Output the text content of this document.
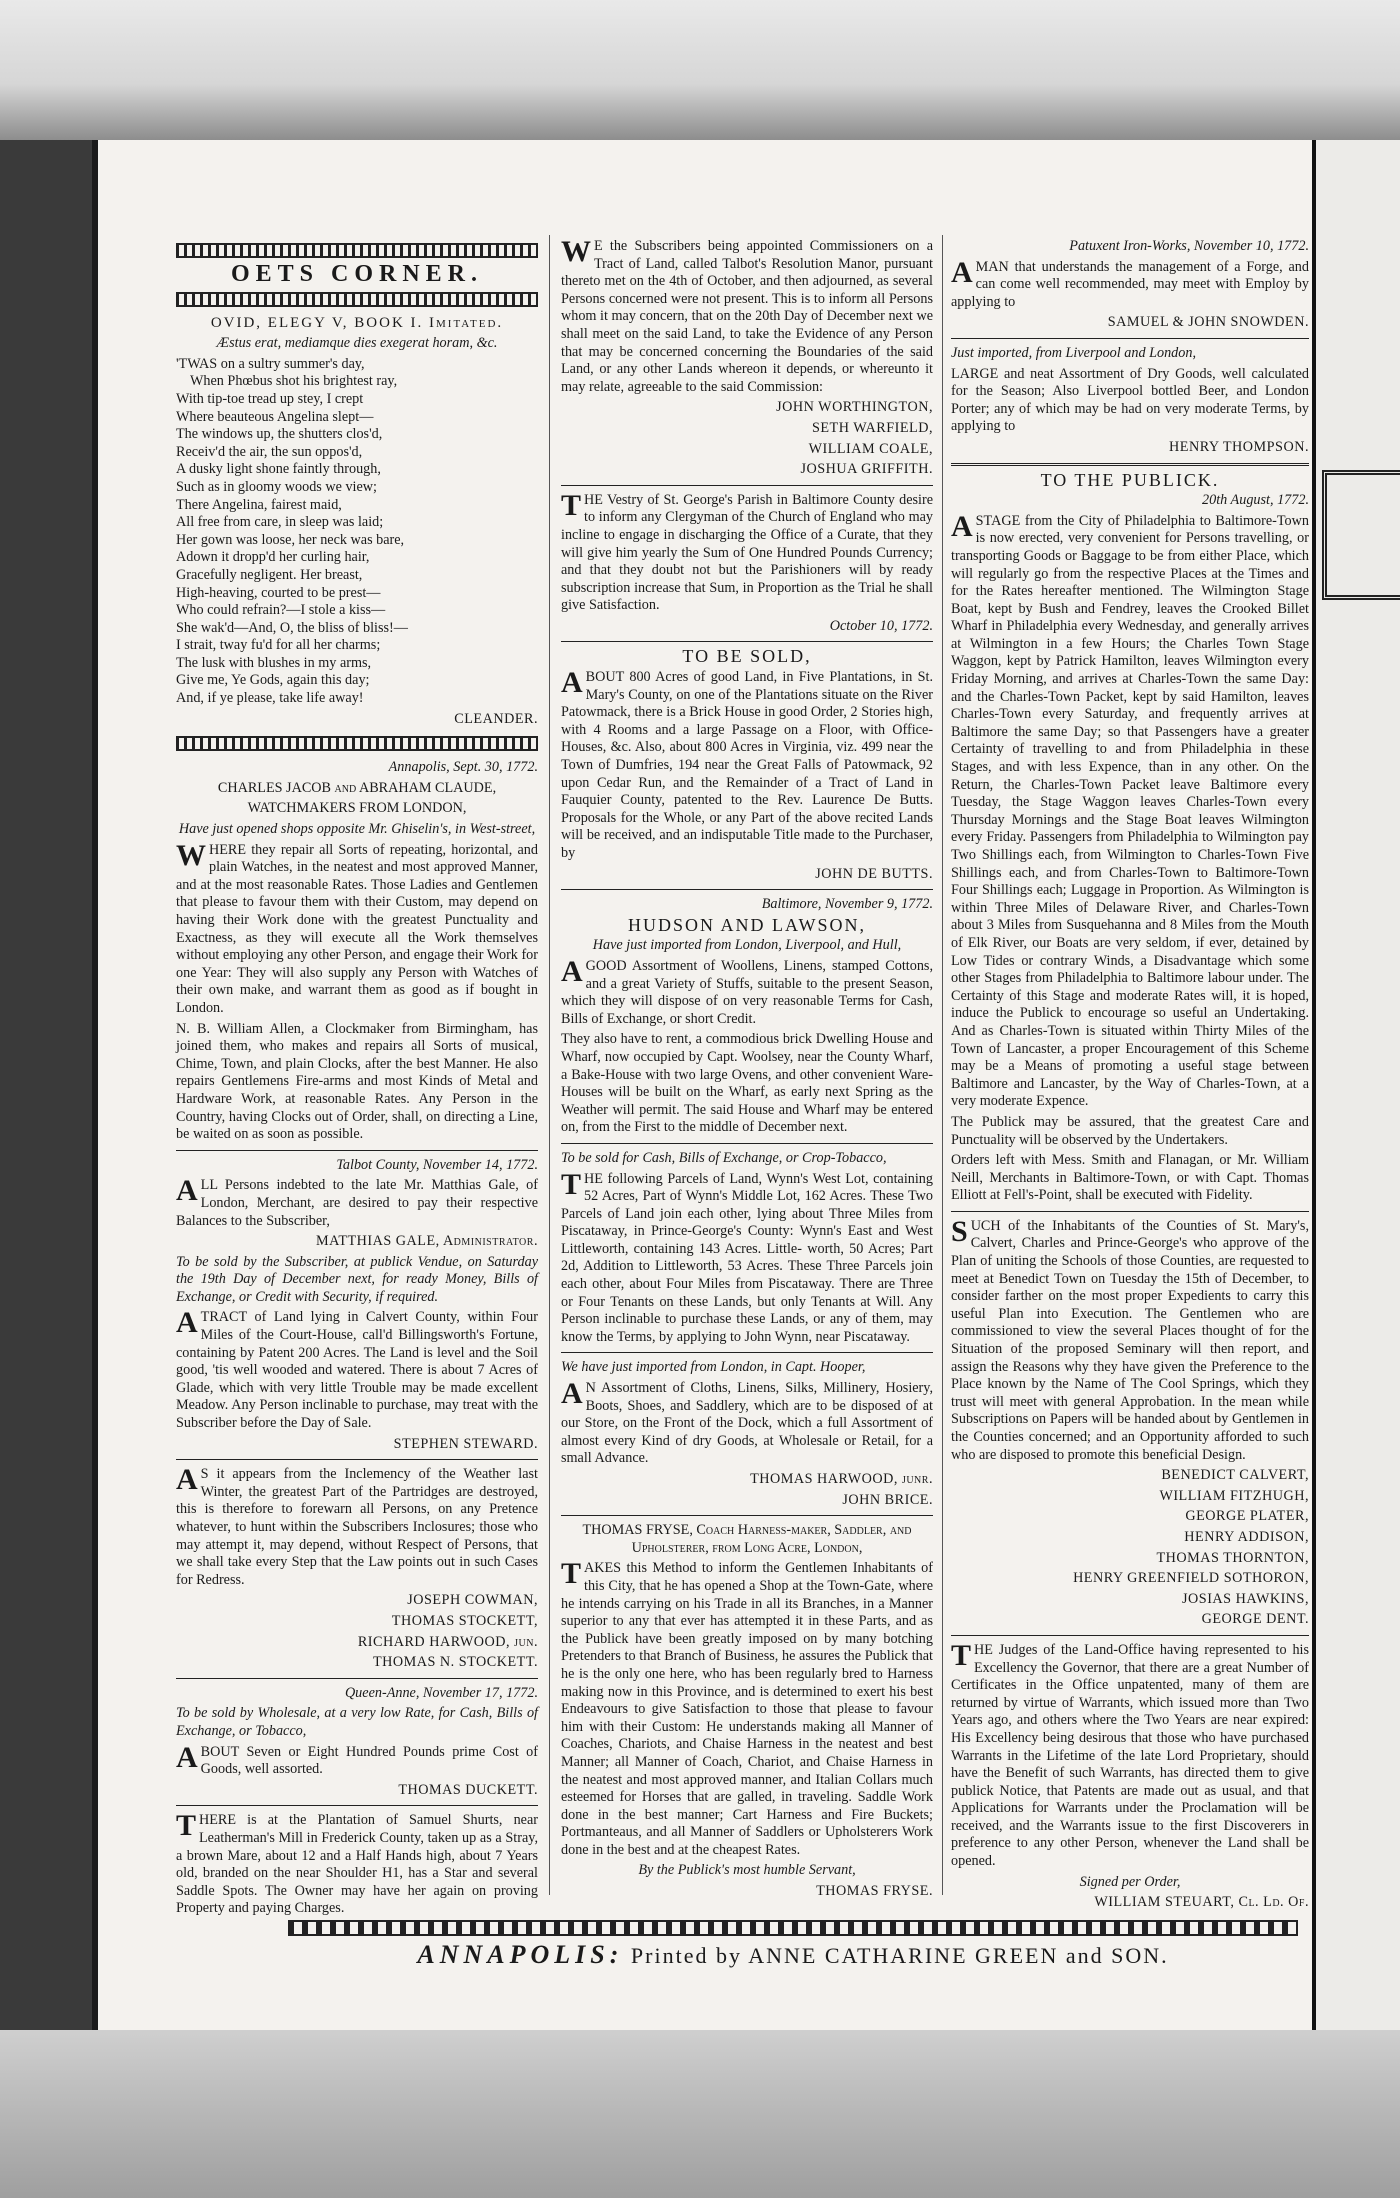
OETS CORNER.
OVID, ELEGY V, BOOK I. Imitated.

Æstus erat, mediamque dies exegerat horam, &c.

'TWAS on a sultry summer's day,

When Phœbus shot his brightest ray,

With tip-toe tread up stey, I crept

Where beauteous Angelina slept—

The windows up, the shutters clos'd,

Receiv'd the air, the sun oppos'd,

A dusky light shone faintly through,

Such as in gloomy woods we view;

There Angelina, fairest maid,

All free from care, in sleep was laid;

Her gown was loose, her neck was bare,

Adown it dropp'd her curling hair,

Gracefully negligent. Her breast,

High-heaving, courted to be prest—

Who could refrain?—I stole a kiss—

She wak'd—And, O, the bliss of bliss!—

I strait, tway fu'd for all her charms;

The lusk with blushes in my arms,

Give me, Ye Gods, again this day;

And, if ye please, take life away!

CLEANDER.

Annapolis, Sept. 30, 1772.

CHARLES JACOB and ABRAHAM CLAUDE,

WATCHMAKERS FROM LONDON,

Have just opened shops opposite Mr. Ghiselin's, in West-street,

WHERE they repair all Sorts of repeating, horizontal, and plain Watches, in the neatest and most approved Manner, and at the most reasonable Rates. Those Ladies and Gentlemen that please to favour them with their Custom, may depend on having their Work done with the greatest Punctuality and Exactness, as they will execute all the Work themselves without employing any other Person, and engage their Work for one Year: They will also supply any Person with Watches of their own make, and warrant them as good as if bought in London.

N. B. William Allen, a Clockmaker from Birmingham, has joined them, who makes and repairs all Sorts of musical, Chime, Town, and plain Clocks, after the best Manner. He also repairs Gentlemens Fire-arms and most Kinds of Metal and Hardware Work, at reasonable Rates. Any Person in the Country, having Clocks out of Order, shall, on directing a Line, be waited on as soon as possible.

Talbot County, November 14, 1772.

ALL Persons indebted to the late Mr. Matthias Gale, of London, Merchant, are desired to pay their respective Balances to the Subscriber,

MATTHIAS GALE, Administrator.

To be sold by the Subscriber, at publick Vendue, on Saturday the 19th Day of December next, for ready Money, Bills of Exchange, or Credit with Security, if required.

ATRACT of Land lying in Calvert County, within Four Miles of the Court-House, call'd Billingsworth's Fortune, containing by Patent 200 Acres. The Land is level and the Soil good, 'tis well wooded and watered. There is about 7 Acres of Glade, which with very little Trouble may be made excellent Meadow. Any Person inclinable to purchase, may treat with the Subscriber before the Day of Sale.

STEPHEN STEWARD.

AS it appears from the Inclemency of the Weather last Winter, the greatest Part of the Partridges are destroyed, this is therefore to forewarn all Persons, on any Pretence whatever, to hunt within the Subscribers Inclosures; those who may attempt it, may depend, without Respect of Persons, that we shall take every Step that the Law points out in such Cases for Redress.

JOSEPH COWMAN,

THOMAS STOCKETT,

RICHARD HARWOOD, jun.

THOMAS N. STOCKETT.

Queen-Anne, November 17, 1772.

To be sold by Wholesale, at a very low Rate, for Cash, Bills of Exchange, or Tobacco,

ABOUT Seven or Eight Hundred Pounds prime Cost of Goods, well assorted.

THOMAS DUCKETT.

THERE is at the Plantation of Samuel Shurts, near Leatherman's Mill in Frederick County, taken up as a Stray, a brown Mare, about 12 and a Half Hands high, about 7 Years old, branded on the near Shoulder H1, has a Star and several Saddle Spots. The Owner may have her again on proving Property and paying Charges.

WE the Subscribers being appointed Commissioners on a Tract of Land, called Talbot's Resolution Manor, pursuant thereto met on the 4th of October, and then adjourned, as several Persons concerned were not present. This is to inform all Persons whom it may concern, that on the 20th Day of December next we shall meet on the said Land, to take the Evidence of any Person that may be concerned concerning the Boundaries of the said Land, or any other Lands whereon it depends, or whereunto it may relate, agreeable to the said Commission:

JOHN WORTHINGTON,

SETH WARFIELD,

WILLIAM COALE,

JOSHUA GRIFFITH.

THE Vestry of St. George's Parish in Baltimore County desire to inform any Clergyman of the Church of England who may incline to engage in discharging the Office of a Curate, that they will give him yearly the Sum of One Hundred Pounds Currency; and that they doubt not but the Parishioners will by ready subscription increase that Sum, in Proportion as the Trial he shall give Satisfaction.

October 10, 1772.

TO BE SOLD,

ABOUT 800 Acres of good Land, in Five Plantations, in St. Mary's County, on one of the Plantations situate on the River Patowmack, there is a Brick House in good Order, 2 Stories high, with 4 Rooms and a large Passage on a Floor, with Office-Houses, &c. Also, about 800 Acres in Virginia, viz. 499 near the Town of Dumfries, 194 near the Great Falls of Patowmack, 92 upon Cedar Run, and the Remainder of a Tract of Land in Fauquier County, patented to the Rev. Laurence De Butts. Proposals for the Whole, or any Part of the above recited Lands will be received, and an indisputable Title made to the Purchaser, by

JOHN DE BUTTS.

Baltimore, November 9, 1772.

HUDSON AND LAWSON,

Have just imported from London, Liverpool, and Hull,

AGOOD Assortment of Woollens, Linens, stamped Cottons, and a great Variety of Stuffs, suitable to the present Season, which they will dispose of on very reasonable Terms for Cash, Bills of Exchange, or short Credit.

They also have to rent, a commodious brick Dwelling House and Wharf, now occupied by Capt. Woolsey, near the County Wharf, a Bake-House with two large Ovens, and other convenient Ware-Houses will be built on the Wharf, as early next Spring as the Weather will permit. The said House and Wharf may be entered on, from the First to the middle of December next.

To be sold for Cash, Bills of Exchange, or Crop-Tobacco,

THE following Parcels of Land, Wynn's West Lot, containing 52 Acres, Part of Wynn's Middle Lot, 162 Acres. These Two Parcels of Land join each other, lying about Three Miles from Piscataway, in Prince-George's County: Wynn's East and West Littleworth, containing 143 Acres. Little- worth, 50 Acres; Part 2d, Addition to Littleworth, 53 Acres. These Three Parcels join each other, about Four Miles from Piscataway. There are Three or Four Tenants on these Lands, but only Tenants at Will. Any Person inclinable to purchase these Lands, or any of them, may know the Terms, by applying to John Wynn, near Piscataway.

We have just imported from London, in Capt. Hooper,

AN Assortment of Cloths, Linens, Silks, Millinery, Hosiery, Boots, Shoes, and Saddlery, which are to be disposed of at our Store, on the Front of the Dock, which a full Assortment of almost every Kind of dry Goods, at Wholesale or Retail, for a small Advance.

THOMAS HARWOOD, junr.

JOHN BRICE.

THOMAS FRYSE, Coach Harness-maker, Saddler, and Upholsterer, from Long Acre, London,

TAKES this Method to inform the Gentlemen Inhabitants of this City, that he has opened a Shop at the Town-Gate, where he intends carrying on his Trade in all its Branches, in a Manner superior to any that ever has attempted it in these Parts, and as the Publick have been greatly imposed on by many botching Pretenders to that Branch of Business, he assures the Publick that he is the only one here, who has been regularly bred to Harness making now in this Province, and is determined to exert his best Endeavours to give Satisfaction to those that please to favour him with their Custom: He understands making all Manner of Coaches, Chariots, and Chaise Harness in the neatest and best Manner; all Manner of Coach, Chariot, and Chaise Harness in the neatest and most approved manner, and Italian Collars much esteemed for Horses that are galled, in traveling. Saddle Work done in the best manner; Cart Harness and Fire Buckets; Portmanteaus, and all Manner of Saddlers or Upholsterers Work done in the best and at the cheapest Rates.

By the Publick's most humble Servant,

THOMAS FRYSE.

Patuxent Iron-Works, November 10, 1772.

AMAN that understands the management of a Forge, and can come well recommended, may meet with Employ by applying to

SAMUEL & JOHN SNOWDEN.

Just imported, from Liverpool and London,

LARGE and neat Assortment of Dry Goods, well calculated for the Season; Also Liverpool bottled Beer, and London Porter; any of which may be had on very moderate Terms, by applying to

HENRY THOMPSON.

TO THE PUBLICK.

20th August, 1772.

ASTAGE from the City of Philadelphia to Baltimore-Town is now erected, very convenient for Persons travelling, or transporting Goods or Baggage to be from either Place, which will regularly go from the respective Places at the Times and for the Rates hereafter mentioned. The Wilmington Stage Boat, kept by Bush and Fendrey, leaves the Crooked Billet Wharf in Philadelphia every Wednesday, and generally arrives at Wilmington in a few Hours; the Charles Town Stage Waggon, kept by Patrick Hamilton, leaves Wilmington every Friday Morning, and arrives at Charles-Town the same Day: and the Charles-Town Packet, kept by said Hamilton, leaves Charles-Town every Saturday, and frequently arrives at Baltimore the same Day; so that Passengers have a greater Certainty of travelling to and from Philadelphia in these Stages, and with less Expence, than in any other. On the Return, the Charles-Town Packet leave Baltimore every Tuesday, the Stage Waggon leaves Charles-Town every Thursday Mornings and the Stage Boat leaves Wilmington every Friday. Passengers from Philadelphia to Wilmington pay Two Shillings each, from Wilmington to Charles-Town Five Shillings each, and from Charles-Town to Baltimore-Town Four Shillings each; Luggage in Proportion. As Wilmington is within Three Miles of Delaware River, and Charles-Town about 3 Miles from Susquehanna and 8 Miles from the Mouth of Elk River, our Boats are very seldom, if ever, detained by Low Tides or contrary Winds, a Disadvantage which some other Stages from Philadelphia to Baltimore labour under. The Certainty of this Stage and moderate Rates will, it is hoped, induce the Publick to encourage so useful an Undertaking. And as Charles-Town is situated within Thirty Miles of the Town of Lancaster, a proper Encouragement of this Scheme may be a Means of promoting a useful stage between Baltimore and Lancaster, by the Way of Charles-Town, at a very moderate Expence.

The Publick may be assured, that the greatest Care and Punctuality will be observed by the Undertakers.

Orders left with Mess. Smith and Flanagan, or Mr. William Neill, Merchants in Baltimore-Town, or with Capt. Thomas Elliott at Fell's-Point, shall be executed with Fidelity.

SUCH of the Inhabitants of the Counties of St. Mary's, Calvert, Charles and Prince-George's who approve of the Plan of uniting the Schools of those Counties, are requested to meet at Benedict Town on Tuesday the 15th of December, to consider farther on the most proper Expedients to carry this useful Plan into Execution. The Gentlemen who are commissioned to view the several Places thought of for the Situation of the proposed Seminary will then report, and assign the Reasons why they have given the Preference to the Place known by the Name of The Cool Springs, which they trust will meet with general Approbation. In the mean while Subscriptions on Papers will be handed about by Gentlemen in the Counties concerned; and an Opportunity afforded to such who are disposed to promote this beneficial Design.

BENEDICT CALVERT,

WILLIAM FITZHUGH,

GEORGE PLATER,

HENRY ADDISON,

THOMAS THORNTON,

HENRY GREENFIELD SOTHORON,

JOSIAS HAWKINS,

GEORGE DENT.

THE Judges of the Land-Office having represented to his Excellency the Governor, that there are a great Number of Certificates in the Office unpatented, many of them are returned by virtue of Warrants, which issued more than Two Years ago, and others where the Two Years are near expired: His Excellency being desirous that those who have purchased Warrants in the Lifetime of the late Lord Proprietary, should have the Benefit of such Warrants, has directed them to give publick Notice, that Patents are made out as usual, and that Applications for Warrants under the Proclamation will be received, and the Warrants issue to the first Discoverers in preference to any other Person, whenever the Land shall be opened.

Signed per Order,

WILLIAM STEUART, Cl. Ld. Of.

ANNAPOLIS: Printed by ANNE CATHARINE GREEN and SON.
